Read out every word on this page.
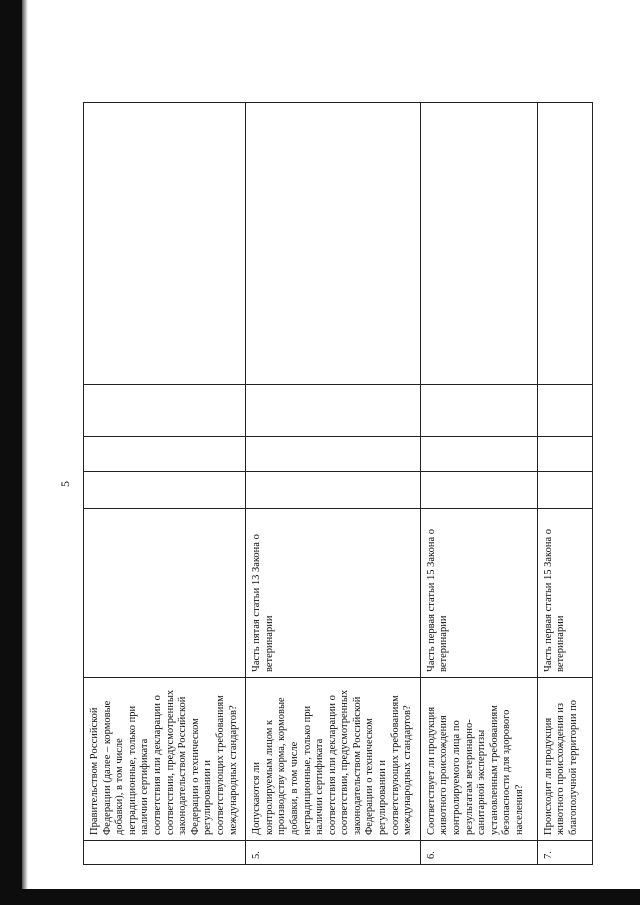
5
	Правительством Российской Федерации (далее – кормовые добавки), в том числе нетрадиционные, только при наличии сертификата соответствия или декларации о соответствии, предусмотренных законодательством Российской Федерации о техническом регулировании и соответствующих требованиям международных стандартов?					
5.	Допускаются ли контролируемым лицом к производству корма, кормовые добавки, в том числе нетрадиционные, только при наличии сертификата соответствия или декларации о соответствии, предусмотренных законодательством Российской Федерации о техническом регулировании и соответствующих требованиям международных стандартов?	Часть пятая статьи 13 Закона о ветеринарии				
6.	Соответствует ли продукция животного происхождения контролируемого лица по результатам ветеринарно-санитарной экспертизы установленным требованиям безопасности для здорового населения?	Часть первая статьи 15 Закона о ветеринарии				
7.	Происходит ли продукция животного происхождения из благополучной территории по	Часть первая статьи 15 Закона о ветеринарии				
